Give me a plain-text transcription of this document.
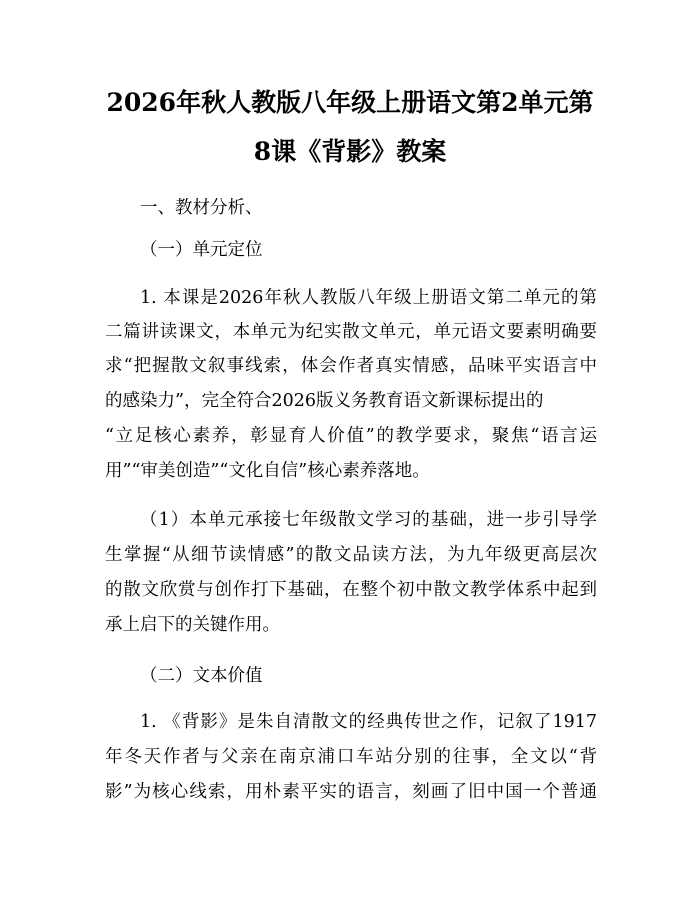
2026年秋人教版八年级上册语文第2单元第
8课《背影》教案
一、教材分析、
（一）单元定位
1. 本课是2026年秋人教版八年级上册语文第二单元的第
二篇讲读课文，本单元为纪实散文单元，单元语文要素明确要
求“把握散文叙事线索，体会作者真实情感，品味平实语言中
的感染力”，完全符合2026版义务教育语文新课标提出的
“立足核心素养，彰显育人价值”的教学要求，聚焦“语言运
用”“审美创造”“文化自信”核心素养落地。
（1）本单元承接七年级散文学习的基础，进一步引导学
生掌握“从细节读情感”的散文品读方法，为九年级更高层次
的散文欣赏与创作打下基础，在整个初中散文教学体系中起到
承上启下的关键作用。
（二）文本价值
1. 《背影》是朱自清散文的经典传世之作，记叙了1917
年冬天作者与父亲在南京浦口车站分别的往事，全文以“背
影”为核心线索，用朴素平实的语言，刻画了旧中国一个普通
